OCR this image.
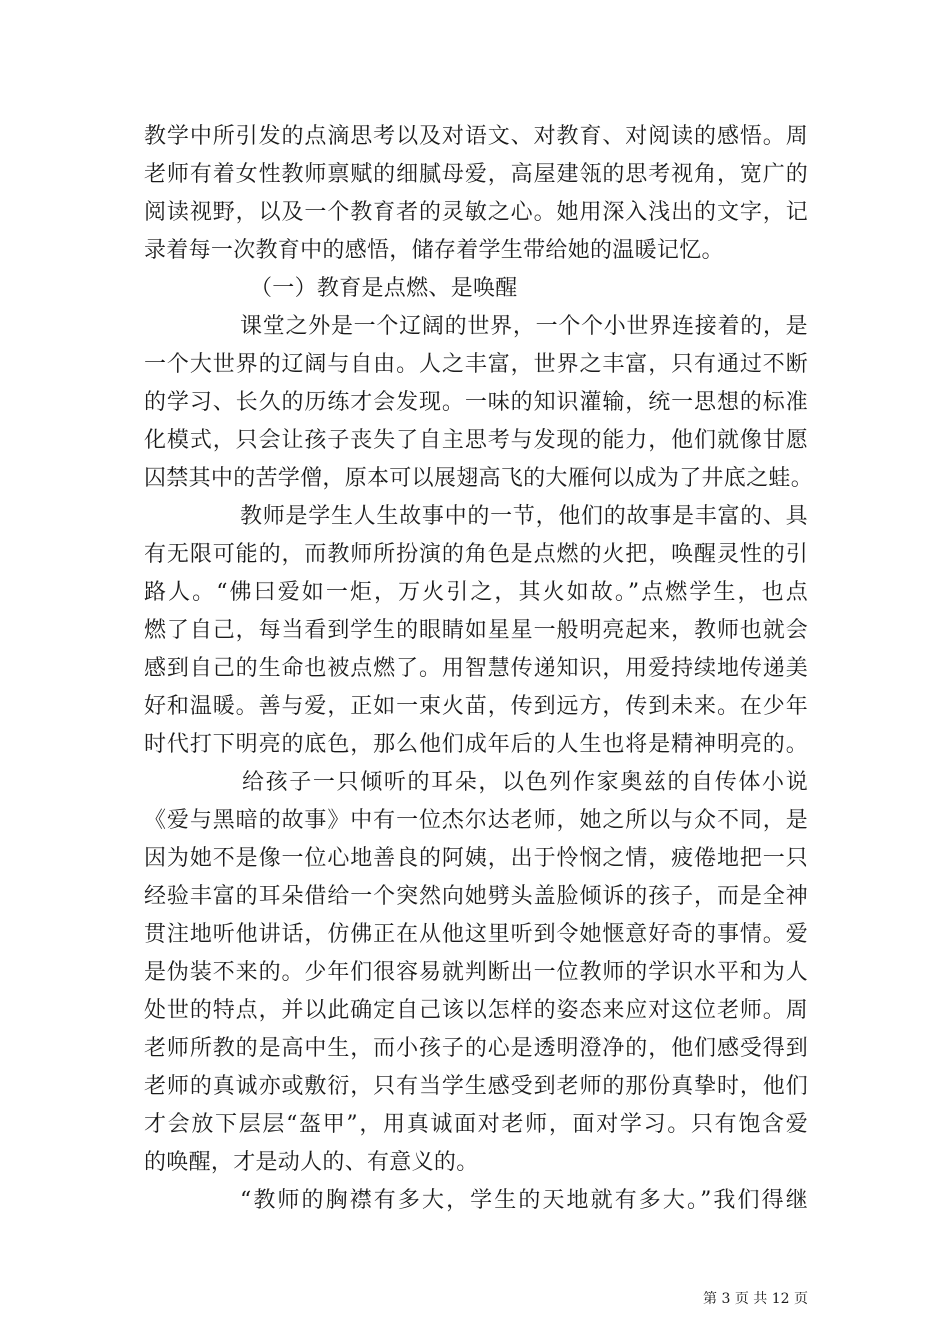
教学中所引发的点滴思考以及对语文、对教育、对阅读的感悟。周
老师有着女性教师禀赋的细腻母爱，高屋建瓴的思考视角，宽广的
阅读视野，以及一个教育者的灵敏之心。她用深入浅出的文字，记
录着每一次教育中的感悟，储存着学生带给她的温暖记忆。
（一）教育是点燃、是唤醒
课堂之外是一个辽阔的世界，一个个小世界连接着的，是
一个大世界的辽阔与自由。人之丰富，世界之丰富，只有通过不断
的学习、长久的历练才会发现。一味的知识灌输，统一思想的标准
化模式，只会让孩子丧失了自主思考与发现的能力，他们就像甘愿
囚禁其中的苦学僧，原本可以展翅高飞的大雁何以成为了井底之蛙。
教师是学生人生故事中的一节，他们的故事是丰富的、具
有无限可能的，而教师所扮演的角色是点燃的火把，唤醒灵性的引
路人。“佛曰爱如一炬，万火引之，其火如故。”点燃学生，也点
燃了自己，每当看到学生的眼睛如星星一般明亮起来，教师也就会
感到自己的生命也被点燃了。用智慧传递知识，用爱持续地传递美
好和温暖。善与爱，正如一束火苗，传到远方，传到未来。在少年
时代打下明亮的底色，那么他们成年后的人生也将是精神明亮的。
给孩子一只倾听的耳朵，以色列作家奥兹的自传体小说
《爱与黑暗的故事》中有一位杰尔达老师，她之所以与众不同，是
因为她不是像一位心地善良的阿姨，出于怜悯之情，疲倦地把一只
经验丰富的耳朵借给一个突然向她劈头盖脸倾诉的孩子，而是全神
贯注地听他讲话，仿佛正在从他这里听到令她惬意好奇的事情。爱
是伪装不来的。少年们很容易就判断出一位教师的学识水平和为人
处世的特点，并以此确定自己该以怎样的姿态来应对这位老师。周
老师所教的是高中生，而小孩子的心是透明澄净的，他们感受得到
老师的真诚亦或敷衍，只有当学生感受到老师的那份真挚时，他们
才会放下层层“盔甲”，用真诚面对老师，面对学习。只有饱含爱
的唤醒，才是动人的、有意义的。
“教师的胸襟有多大，学生的天地就有多大。”我们得继
第 3 页 共 12 页
